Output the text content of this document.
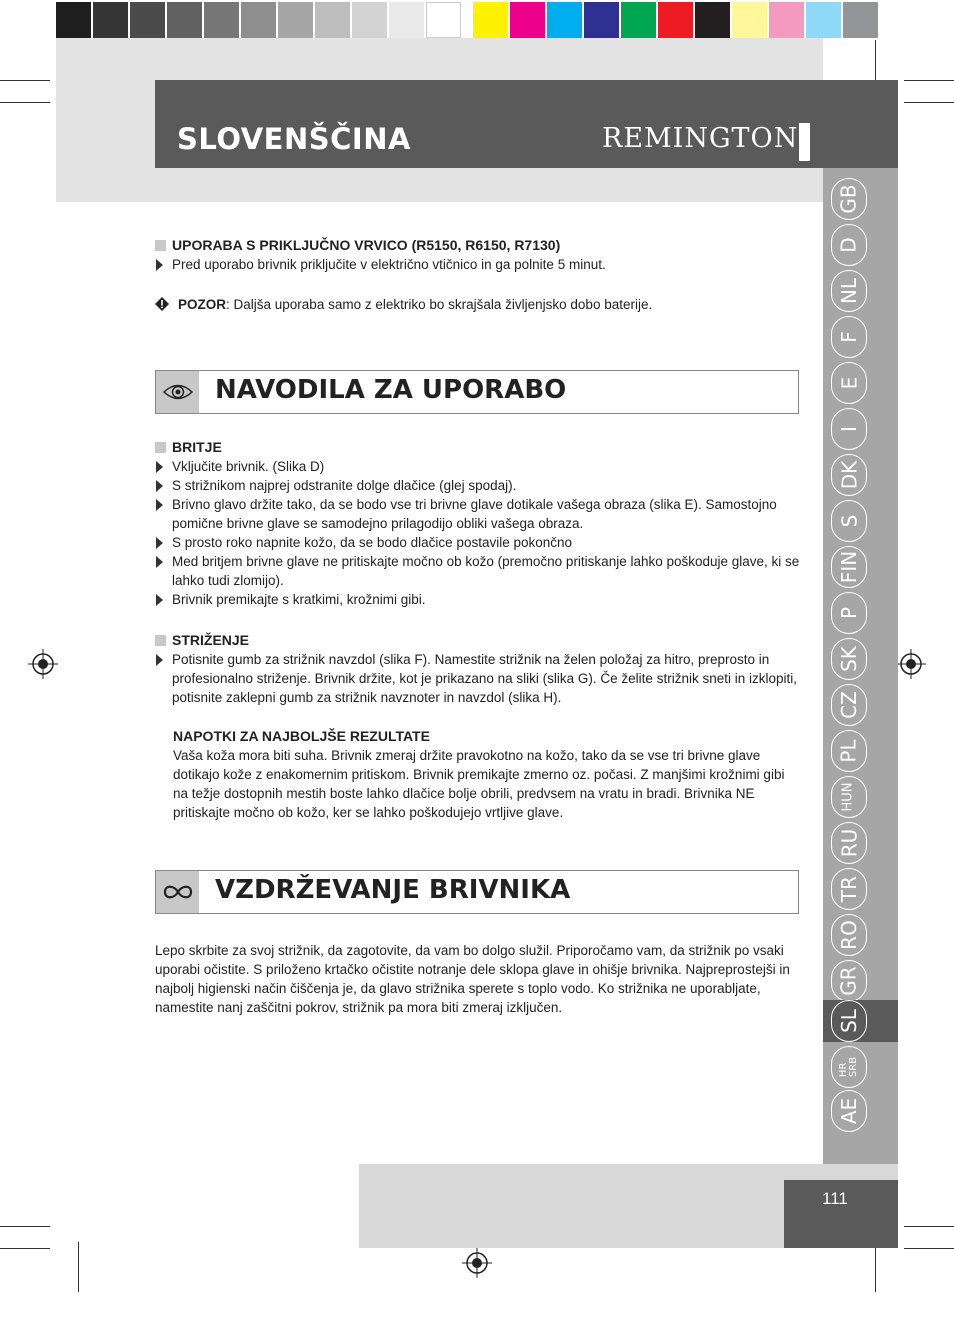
SLOVENŠČINA	REMINGTON
GB
D
NL
F
E
I
DK
S
FIN
P
SK
CZ
PL
HUN
RU
TR
RO
GR
SL
HR
SRB
AE

UPORABA S PRIKLJUČNO VRVICO (R5150, R6150, R7130)

Pred uporabo brivnik priključite v električno vtičnico in ga polnite 5 minut.

POZOR: Daljša uporaba samo z elektriko bo skrajšala življenjsko dobo baterije.

NAVODILA ZA UPORABO

BRITJE

Vključite brivnik. (Slika D)

S strižnikom najprej odstranite dolge dlačice (glej spodaj).

Brivno glavo držite tako, da se bodo vse tri brivne glave dotikale vašega obraza (slika E). Samostojno pomične brivne glave se samodejno prilagodijo obliki vašega obraza.

S prosto roko napnite kožo, da se bodo dlačice postavile pokončno

Med britjem brivne glave ne pritiskajte močno ob kožo (premočno pritiskanje lahko poškoduje glave, ki se lahko tudi zlomijo).

Brivnik premikajte s kratkimi, krožnimi gibi.

STRIŽENJE

Potisnite gumb za strižnik navzdol (slika F). Namestite strižnik na želen položaj za hitro, preprosto in profesionalno striženje. Brivnik držite, kot je prikazano na sliki (slika G). Če želite strižnik sneti in izklopiti, potisnite zaklepni gumb za strižnik navznoter in navzdol (slika H).

NAPOTKI ZA NAJBOLJŠE REZULTATE

Vaša koža mora biti suha. Brivnik zmeraj držite pravokotno na kožo, tako da se vse tri brivne glave dotikajo kože z enakomernim pritiskom. Brivnik premikajte zmerno oz. počasi. Z manjšimi krožnimi gibi na težje dostopnih mestih boste lahko dlačice bolje obrili, predvsem na vratu in bradi. Brivnika NE pritiskajte močno ob kožo, ker se lahko poškodujejo vrtljive glave.

VZDRŽEVANJE BRIVNIKA

Lepo skrbite za svoj strižnik, da zagotovite, da vam bo dolgo služil. Priporočamo vam, da strižnik po vsaki uporabi očistite. S priloženo krtačko očistite notranje dele sklopa glave in ohišje brivnika. Najpreprostejši in najbolj higienski način čiščenja je, da glavo strižnika sperete s toplo vodo. Ko strižnika ne uporabljate, namestite nanj zaščitni pokrov, strižnik pa mora biti zmeraj izključen.

111
